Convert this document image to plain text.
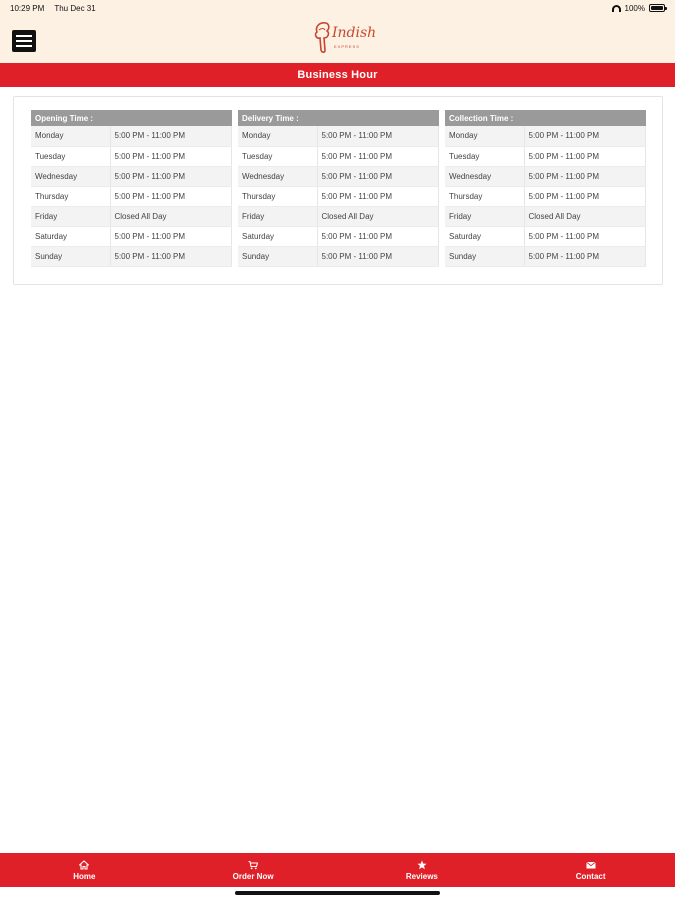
10:29 PM Thu Dec 31	100%
Indish
EXPRESS
Business Hour
Opening Time :	
Monday	5:00 PM - 11:00 PM
Tuesday	5:00 PM - 11:00 PM
Wednesday	5:00 PM - 11:00 PM
Thursday	5:00 PM - 11:00 PM
Friday	Closed All Day
Saturday	5:00 PM - 11:00 PM
Sunday	5:00 PM - 11:00 PM
Delivery Time :	
Monday	5:00 PM - 11:00 PM
Tuesday	5:00 PM - 11:00 PM
Wednesday	5:00 PM - 11:00 PM
Thursday	5:00 PM - 11:00 PM
Friday	Closed All Day
Saturday	5:00 PM - 11:00 PM
Sunday	5:00 PM - 11:00 PM
Collection Time :	
Monday	5:00 PM - 11:00 PM
Tuesday	5:00 PM - 11:00 PM
Wednesday	5:00 PM - 11:00 PM
Thursday	5:00 PM - 11:00 PM
Friday	Closed All Day
Saturday	5:00 PM - 11:00 PM
Sunday	5:00 PM - 11:00 PM
Home	Order Now	Reviews	Contact
